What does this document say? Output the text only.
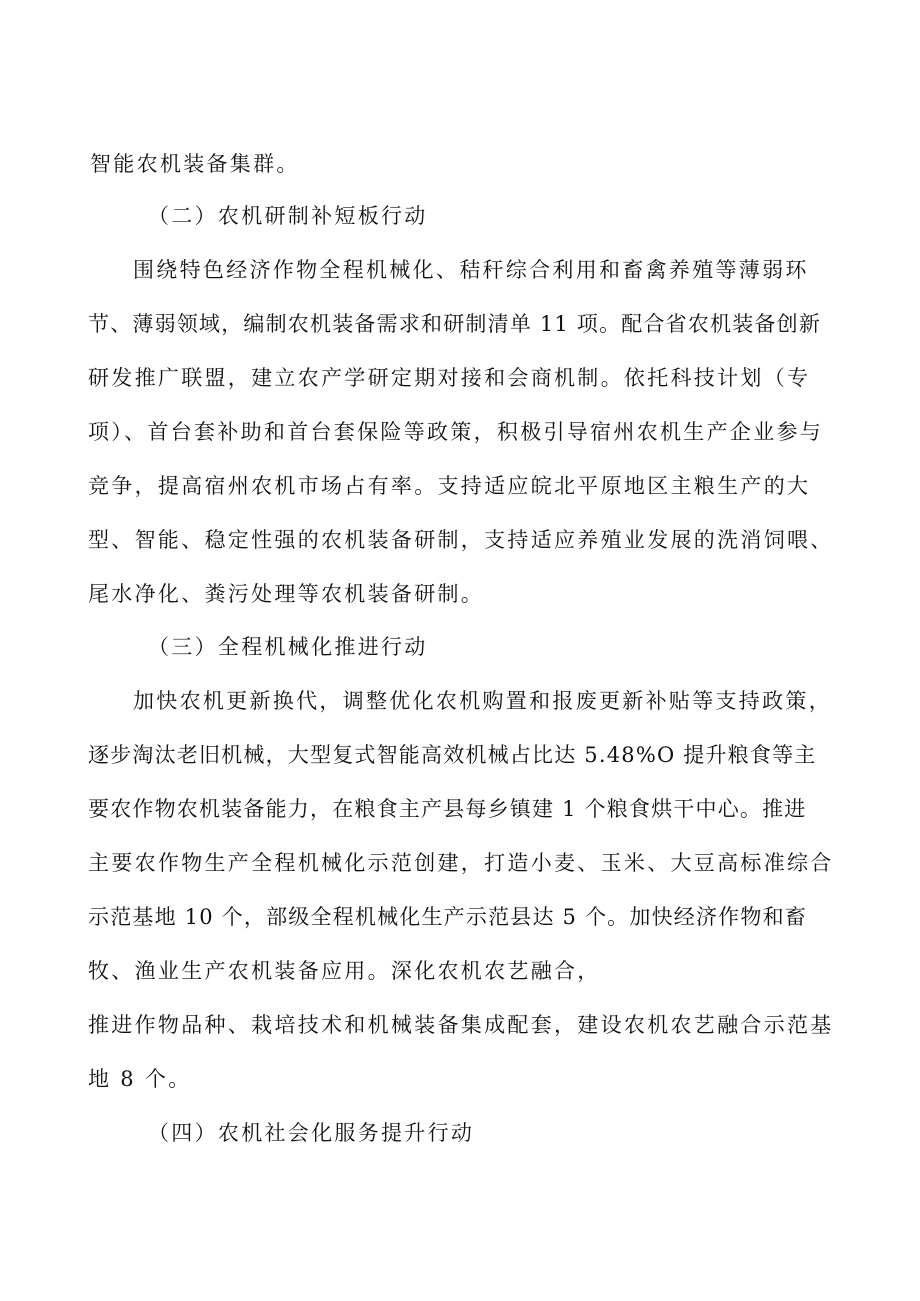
智能农机装备集群。
（二）农机研制补短板行动
围绕特色经济作物全程机械化、秸秆综合利用和畜禽养殖等薄弱环
节、薄弱领域，编制农机装备需求和研制清单 11 项。配合省农机装备创新
研发推广联盟，建立农产学研定期对接和会商机制。依托科技计划（专
项）、首台套补助和首台套保险等政策，积极引导宿州农机生产企业参与
竞争，提高宿州农机市场占有率。支持适应皖北平原地区主粮生产的大
型、智能、稳定性强的农机装备研制，支持适应养殖业发展的洗消饲喂、
尾水净化、粪污处理等农机装备研制。
（三）全程机械化推进行动
加快农机更新换代，调整优化农机购置和报废更新补贴等支持政策，
逐步淘汰老旧机械，大型复式智能高效机械占比达 5.48%O 提升粮食等主
要农作物农机装备能力，在粮食主产县每乡镇建 1 个粮食烘干中心。推进
主要农作物生产全程机械化示范创建，打造小麦、玉米、大豆高标准综合
示范基地 10 个，部级全程机械化生产示范县达 5 个。加快经济作物和畜
牧、渔业生产农机装备应用。深化农机农艺融合，
推进作物品种、栽培技术和机械装备集成配套，建设农机农艺融合示范基
地 8 个。
（四）农机社会化服务提升行动
